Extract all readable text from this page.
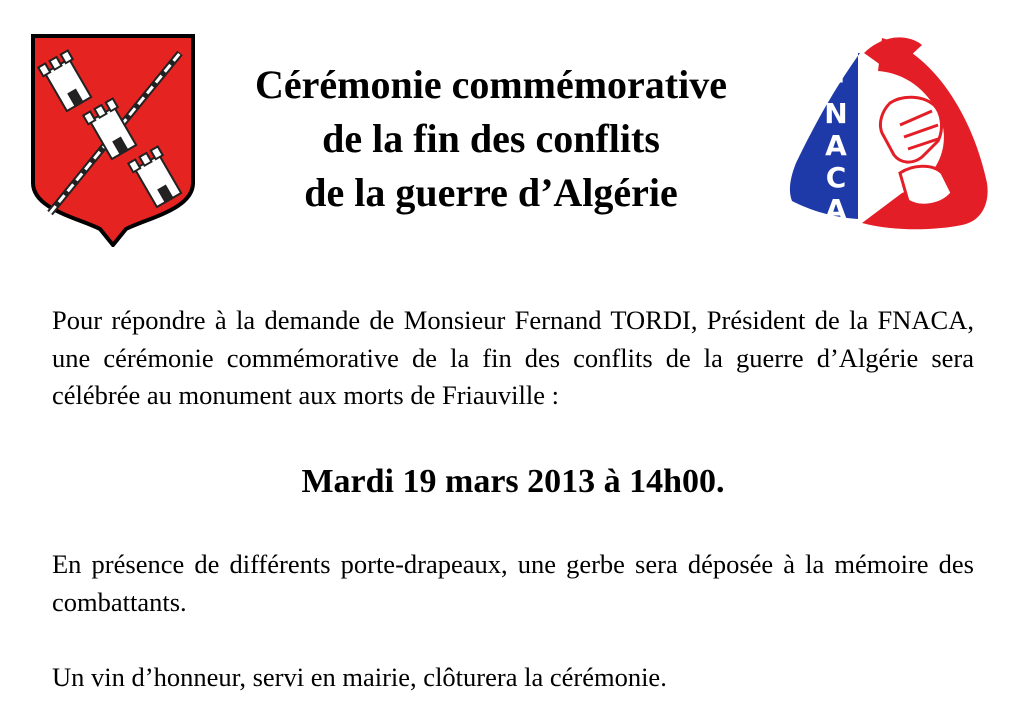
Cérémonie commémorative
de la fin des conflits
de la guerre d’Algérie
F
N
A
C
A

Pour répondre à la demande de Monsieur Fernand TORDI, Président de la FNACA, une cérémonie commémorative de la fin des conflits de la guerre d’Algérie sera célébrée au monument aux morts de Friauville :

Mardi 19 mars 2013 à 14h00.

En présence de différents porte-drapeaux, une gerbe sera déposée à la mémoire des combattants.

Un vin d’honneur, servi en mairie, clôturera la cérémonie.
